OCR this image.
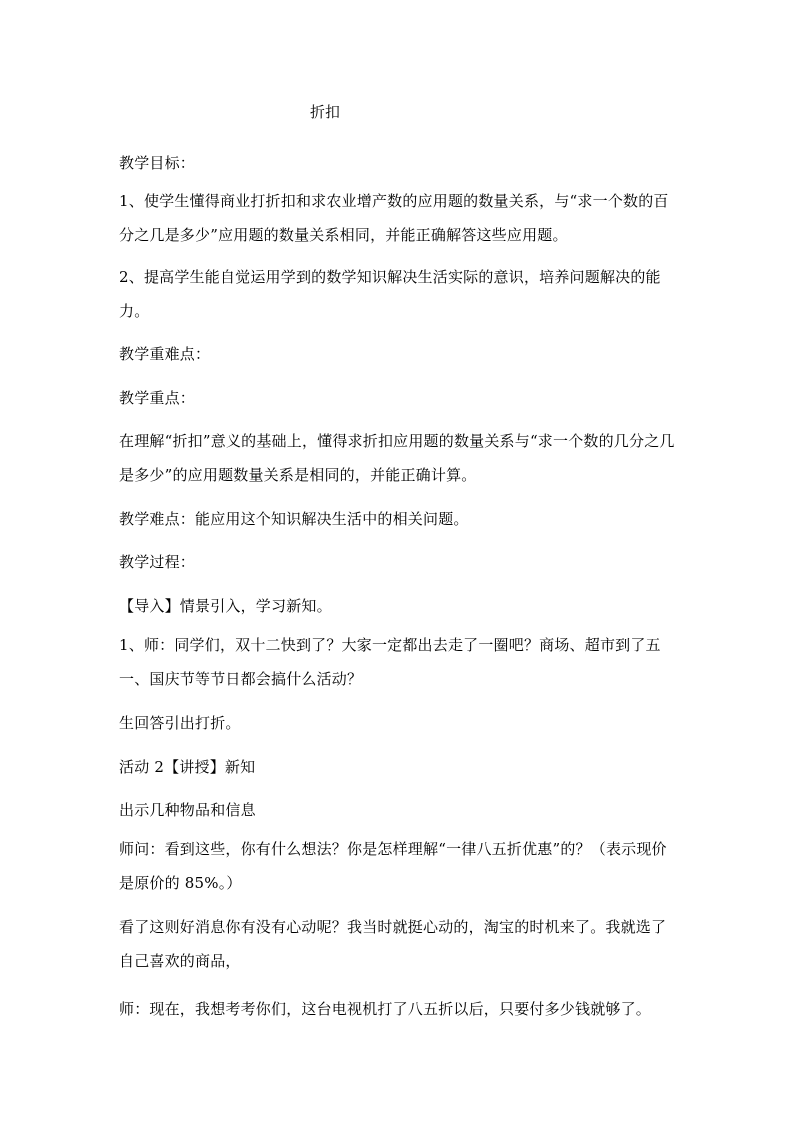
折扣
教学目标：
1、使学生懂得商业打折扣和求农业增产数的应用题的数量关系，与“求一个数的百分之几是多少”应用题的数量关系相同，并能正确解答这些应用题。
2、提高学生能自觉运用学到的数学知识解决生活实际的意识，培养问题解决的能力。
教学重难点：
教学重点：
在理解“折扣”意义的基础上，懂得求折扣应用题的数量关系与“求一个数的几分之几是多少”的应用题数量关系是相同的，并能正确计算。
教学难点：能应用这个知识解决生活中的相关问题。
教学过程：
【导入】情景引入，学习新知。
1、师：同学们，双十二快到了？大家一定都出去走了一圈吧？商场、超市到了五一、国庆节等节日都会搞什么活动？
生回答引出打折。
活动 2【讲授】新知
出示几种物品和信息
师问：看到这些，你有什么想法？你是怎样理解“一律八五折优惠”的？（表示现价是原价的 85%。）
看了这则好消息你有没有心动呢？我当时就挺心动的，淘宝的时机来了。我就选了自己喜欢的商品，
师：现在，我想考考你们，这台电视机打了八五折以后，只要付多少钱就够了。
